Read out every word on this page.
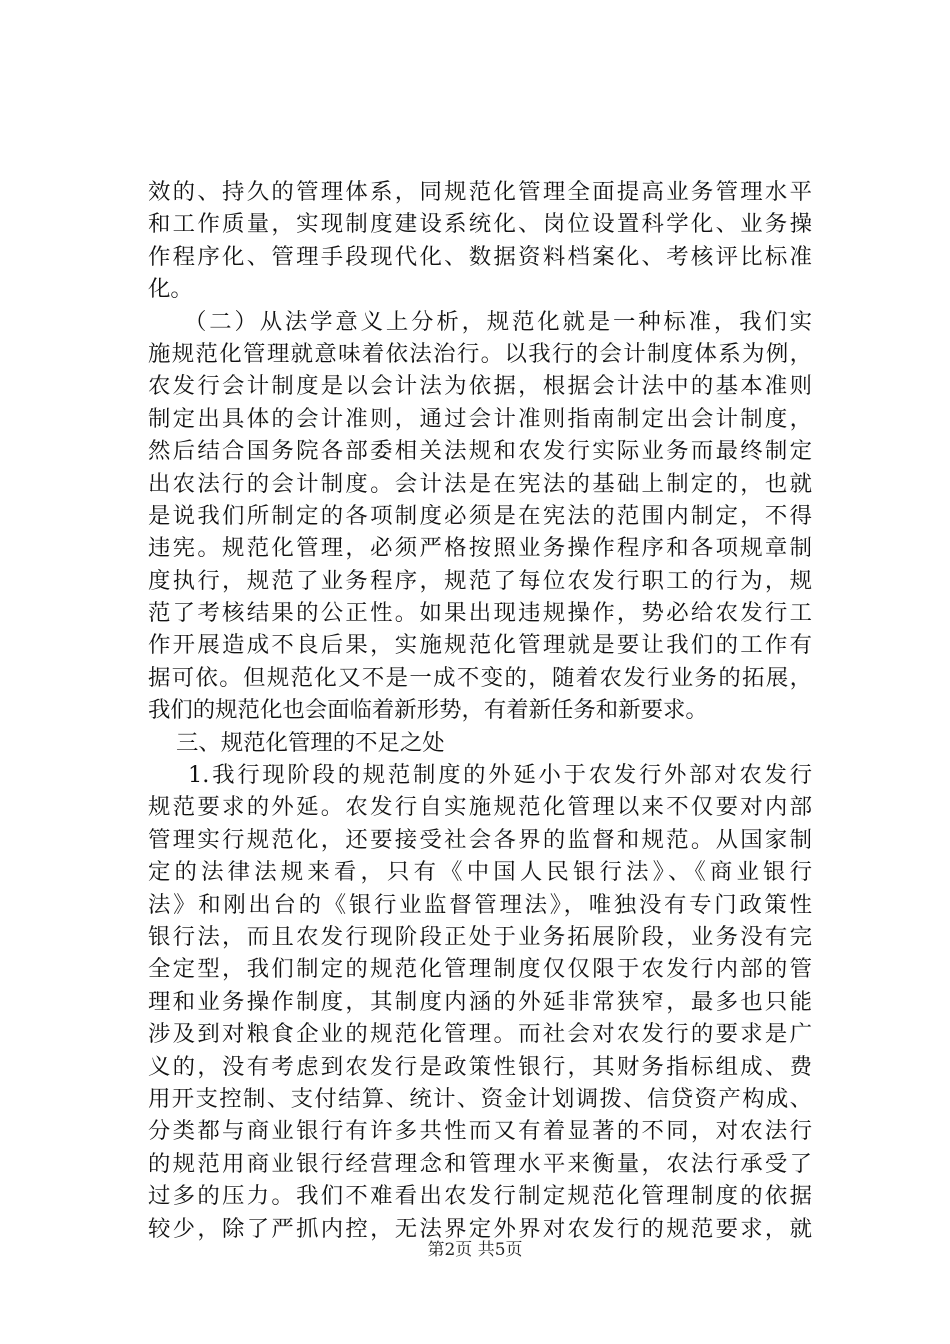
效的、持久的管理体系，同规范化管理全面提高业务管理水平
和工作质量，实现制度建设系统化、岗位设置科学化、业务操
作程序化、管理手段现代化、数据资料档案化、考核评比标准
化。
（二）从法学意义上分析，规范化就是一种标准，我们实
施规范化管理就意味着依法治行。以我行的会计制度体系为例，
农发行会计制度是以会计法为依据，根据会计法中的基本准则
制定出具体的会计准则，通过会计准则指南制定出会计制度，
然后结合国务院各部委相关法规和农发行实际业务而最终制定
出农法行的会计制度。会计法是在宪法的基础上制定的，也就
是说我们所制定的各项制度必须是在宪法的范围内制定，不得
违宪。规范化管理，必须严格按照业务操作程序和各项规章制
度执行，规范了业务程序，规范了每位农发行职工的行为，规
范了考核结果的公正性。如果出现违规操作，势必给农发行工
作开展造成不良后果，实施规范化管理就是要让我们的工作有
据可依。但规范化又不是一成不变的，随着农发行业务的拓展，
我们的规范化也会面临着新形势，有着新任务和新要求。
三、规范化管理的不足之处
1.我行现阶段的规范制度的外延小于农发行外部对农发行
规范要求的外延。农发行自实施规范化管理以来不仅要对内部
管理实行规范化，还要接受社会各界的监督和规范。从国家制
定的法律法规来看，只有《中国人民银行法》、《商业银行
法》和刚出台的《银行业监督管理法》，唯独没有专门政策性
银行法，而且农发行现阶段正处于业务拓展阶段，业务没有完
全定型，我们制定的规范化管理制度仅仅限于农发行内部的管
理和业务操作制度，其制度内涵的外延非常狭窄，最多也只能
涉及到对粮食企业的规范化管理。而社会对农发行的要求是广
义的，没有考虑到农发行是政策性银行，其财务指标组成、费
用开支控制、支付结算、统计、资金计划调拨、信贷资产构成、
分类都与商业银行有许多共性而又有着显著的不同，对农法行
的规范用商业银行经营理念和管理水平来衡量，农法行承受了
过多的压力。我们不难看出农发行制定规范化管理制度的依据
较少，除了严抓内控，无法界定外界对农发行的规范要求，就
第2页 共5页
